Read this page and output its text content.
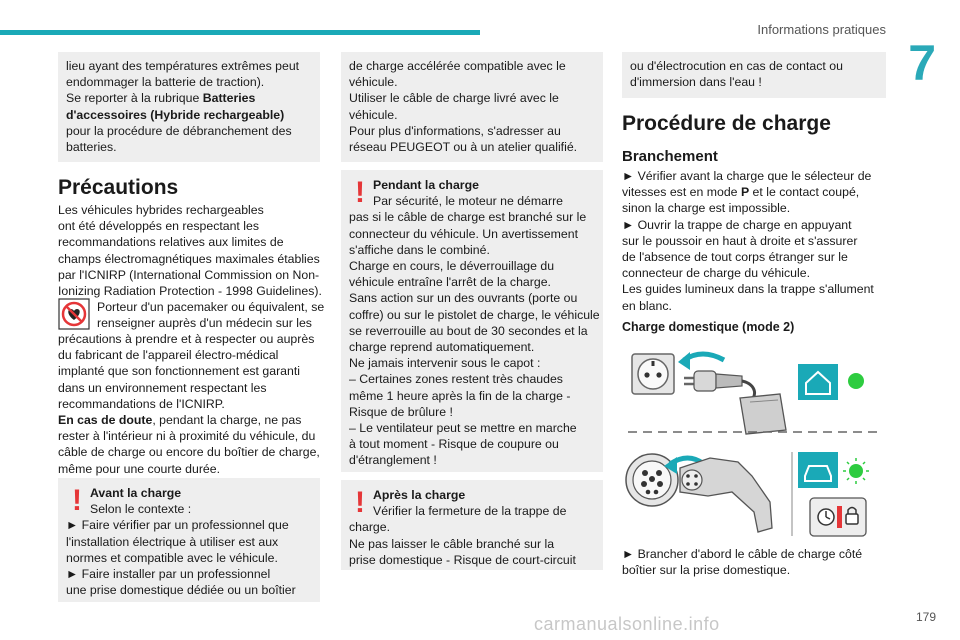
Informations pratiques
7
lieu ayant des températures extrêmes peut
endommager la batterie de traction).
Se reporter à la rubrique Batteries
d'accessoires (Hybride rechargeable)
pour la procédure de débranchement des
batteries.
Précautions
Les véhicules hybrides rechargeables
ont été développés en respectant les
recommandations relatives aux limites de
champs électromagnétiques maximales établies
par l'ICNIRP (International Commission on Non-
Ionizing Radiation Protection - 1998 Guidelines).
Porteur d'un pacemaker ou équivalent, se
renseigner auprès d'un médecin sur les
précautions à prendre et à respecter ou auprès
du fabricant de l'appareil électro-médical
implanté que son fonctionnement est garanti
dans un environnement respectant les
recommandations de l'ICNIRP.
En cas de doute, pendant la charge, ne pas
rester à l'intérieur ni à proximité du véhicule, du
câble de charge ou encore du boîtier de charge,
même pour une courte durée.
! Avant la charge
Selon le contexte :
► Faire vérifier par un professionnel que
l'installation électrique à utiliser est aux
normes et compatible avec le véhicule.
► Faire installer par un professionnel
une prise domestique dédiée ou un boîtier
de charge accélérée compatible avec le
véhicule.
Utiliser le câble de charge livré avec le
véhicule.
Pour plus d'informations, s'adresser au
réseau PEUGEOT ou à un atelier qualifié.
! Pendant la charge
Par sécurité, le moteur ne démarre
pas si le câble de charge est branché sur le
connecteur du véhicule. Un avertissement
s'affiche dans le combiné.
Charge en cours, le déverrouillage du
véhicule entraîne l'arrêt de la charge.
Sans action sur un des ouvrants (porte ou
coffre) ou sur le pistolet de charge, le véhicule
se reverrouille au bout de 30 secondes et la
charge reprend automatiquement.
Ne jamais intervenir sous le capot :
– Certaines zones restent très chaudes
même 1 heure après la fin de la charge -
Risque de brûlure !
– Le ventilateur peut se mettre en marche
à tout moment - Risque de coupure ou
d'étranglement !
! Après la charge
Vérifier la fermeture de la trappe de
charge.
Ne pas laisser le câble branché sur la
prise domestique - Risque de court-circuit
ou d'électrocution en cas de contact ou
d'immersion dans l'eau !
Procédure de charge
Branchement
► Vérifier avant la charge que le sélecteur de
vitesses est en mode P et le contact coupé,
sinon la charge est impossible.
► Ouvrir la trappe de charge en appuyant
sur le poussoir en haut à droite et s'assurer
de l'absence de tout corps étranger sur le
connecteur de charge du véhicule.
Les guides lumineux dans la trappe s'allument
en blanc.
Charge domestique (mode 2)
► Brancher d'abord le câble de charge côté
boîtier sur la prise domestique.
carmanualsonline.info	179
